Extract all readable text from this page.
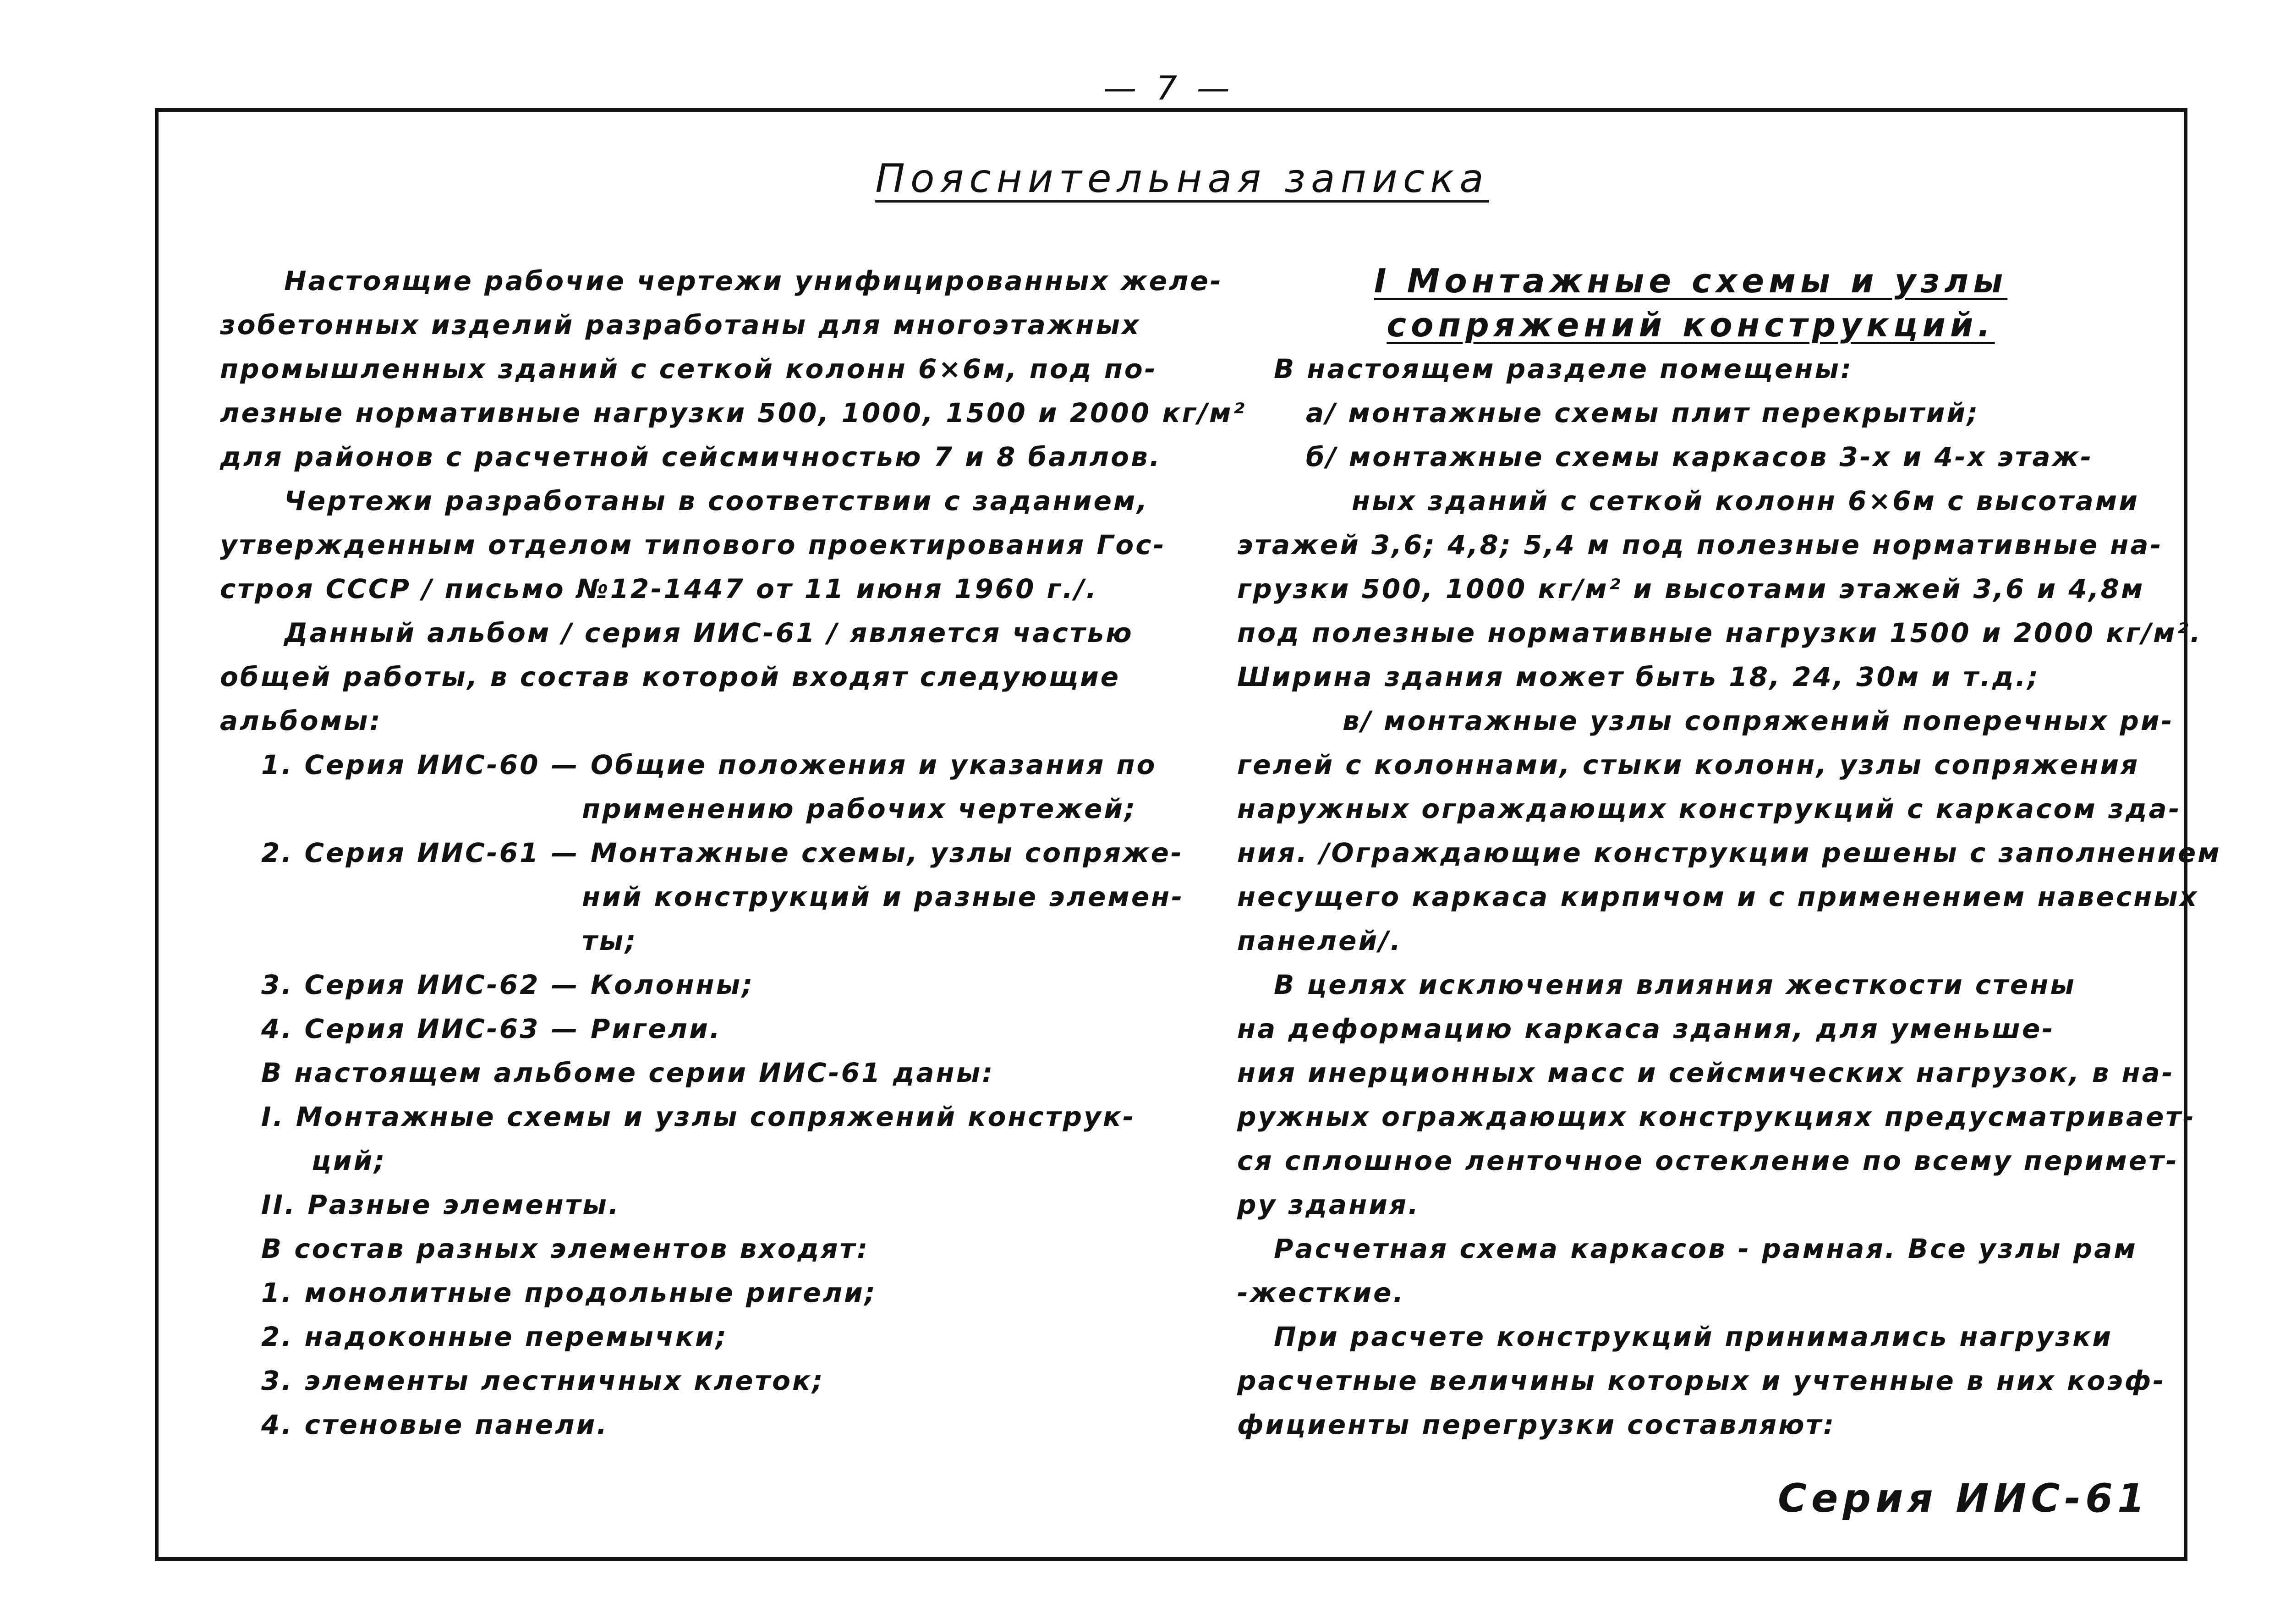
— 7 —
Пояснительная записка
Настоящие рабочие чертежи унифицированных желе-
зобетонных изделий разработаны для многоэтажных
промышленных зданий с сеткой колонн 6×6м, под по-
лезные нормативные нагрузки 500, 1000, 1500 и 2000 кг/м²
для районов с расчетной сейсмичностью 7 и 8 баллов.
Чертежи разработаны в соответствии с заданием,
утвержденным отделом типового проектирования Гос-
строя СССР / письмо №12-1447 от 11 июня 1960 г./.
Данный альбом / серия ИИС-61 / является частью
общей работы, в состав которой входят следующие
альбомы:
1. Серия ИИС-60 — Общие положения и указания по
применению рабочих чертежей;
2. Серия ИИС-61 — Монтажные схемы, узлы сопряже-
ний конструкций и разные элемен-
ты;
3. Серия ИИС-62 — Колонны;
4. Серия ИИС-63 — Ригели.
В настоящем альбоме серии ИИС-61 даны:
I. Монтажные схемы и узлы сопряжений конструк-
ций;
II. Разные элементы.
В состав разных элементов входят:
1. монолитные продольные ригели;
2. надоконные перемычки;
3. элементы лестничных клеток;
4. стеновые панели.
I Монтажные схемы и узлы
сопряжений конструкций.
В настоящем разделе помещены:
а/ монтажные схемы плит перекрытий;
б/ монтажные схемы каркасов 3-х и 4-х этаж-
ных зданий с сеткой колонн 6×6м с высотами
этажей 3,6; 4,8; 5,4 м под полезные нормативные на-
грузки 500, 1000 кг/м² и высотами этажей 3,6 и 4,8м
под полезные нормативные нагрузки 1500 и 2000 кг/м².
Ширина здания может быть 18, 24, 30м и т.д.;
в/ монтажные узлы сопряжений поперечных ри-
гелей с колоннами, стыки колонн, узлы сопряжения
наружных ограждающих конструкций с каркасом зда-
ния. /Ограждающие конструкции решены с заполнением
несущего каркаса кирпичом и с применением навесных
панелей/.
В целях исключения влияния жесткости стены
на деформацию каркаса здания, для уменьше-
ния инерционных масс и сейсмических нагрузок, в на-
ружных ограждающих конструкциях предусматривает-
ся сплошное ленточное остекление по всему перимет-
ру здания.
Расчетная схема каркасов - рамная. Все узлы рам
-жесткие.
При расчете конструкций принимались нагрузки
расчетные величины которых и учтенные в них коэф-
фициенты перегрузки составляют:
Серия ИИС-61
